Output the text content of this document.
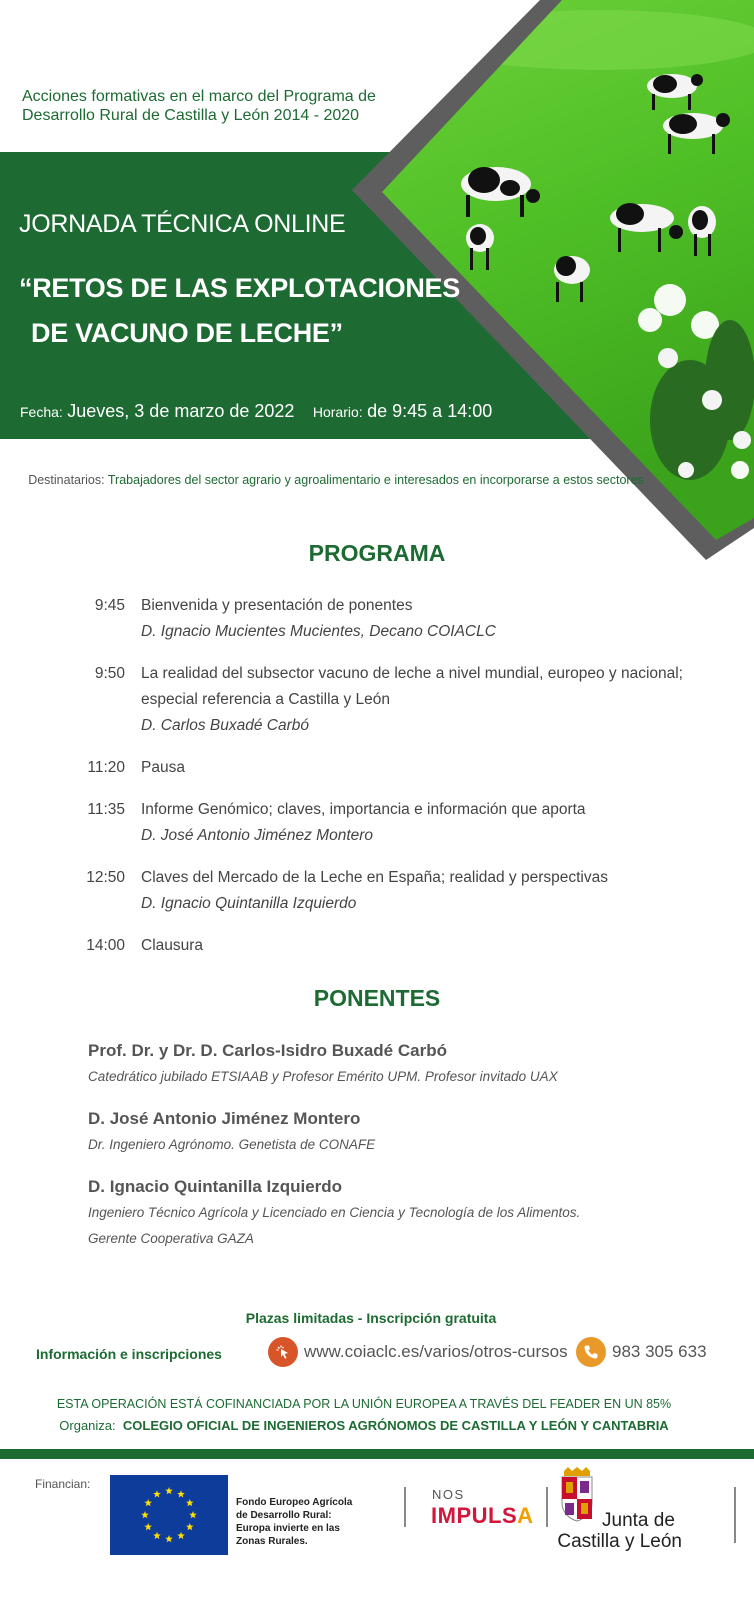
Acciones formativas en el marco del Programa de
Desarrollo Rural de Castilla y León 2014 - 2020
JORNADA TÉCNICA ONLINE
“RETOS DE LAS EXPLOTACIONES
DE VACUNO DE LECHE”
Fecha: Jueves, 3 de marzo de 2022 Horario: de 9:45 a 14:00
Destinatarios: Trabajadores del sector agrario y agroalimentario e interesados en incorporarse a estos sectores
PROGRAMA
9:45	Bienvenida y presentación de ponentes
D. Ignacio Mucientes Mucientes, Decano COIACLC
9:50	La realidad del subsector vacuno de leche a nivel mundial, europeo y nacional;
especial referencia a Castilla y León
D. Carlos Buxadé Carbó
11:20	Pausa
11:35	Informe Genómico; claves, importancia e información que aporta
D. José Antonio Jiménez Montero
12:50	Claves del Mercado de la Leche en España; realidad y perspectivas
D. Ignacio Quintanilla Izquierdo
14:00	Clausura
PONENTES
Prof. Dr. y Dr. D. Carlos-Isidro Buxadé Carbó
Catedrático jubilado ETSIAAB y Profesor Emérito UPM. Profesor invitado UAX
D. José Antonio Jiménez Montero
Dr. Ingeniero Agrónomo. Genetista de CONAFE
D. Ignacio Quintanilla Izquierdo
Ingeniero Técnico Agrícola y Licenciado en Ciencia y Tecnología de los Alimentos.
Gerente Cooperativa GAZA
Plazas limitadas - Inscripción gratuita
Información e inscripciones	www.coiaclc.es/varios/otros-cursos	983 305 633
ESTA OPERACIÓN ESTÁ COFINANCIADA POR LA UNIÓN EUROPEA A TRAVÉS DEL FEADER EN UN 85%
Organiza: COLEGIO OFICIAL DE INGENIEROS AGRÓNOMOS DE CASTILLA Y LEÓN Y CANTABRIA
Financian:
Fondo Europeo Agrícola
de Desarrollo Rural:
Europa invierte en las
Zonas Rurales.
NOS
IMPULSA	Junta de
Castilla y León
